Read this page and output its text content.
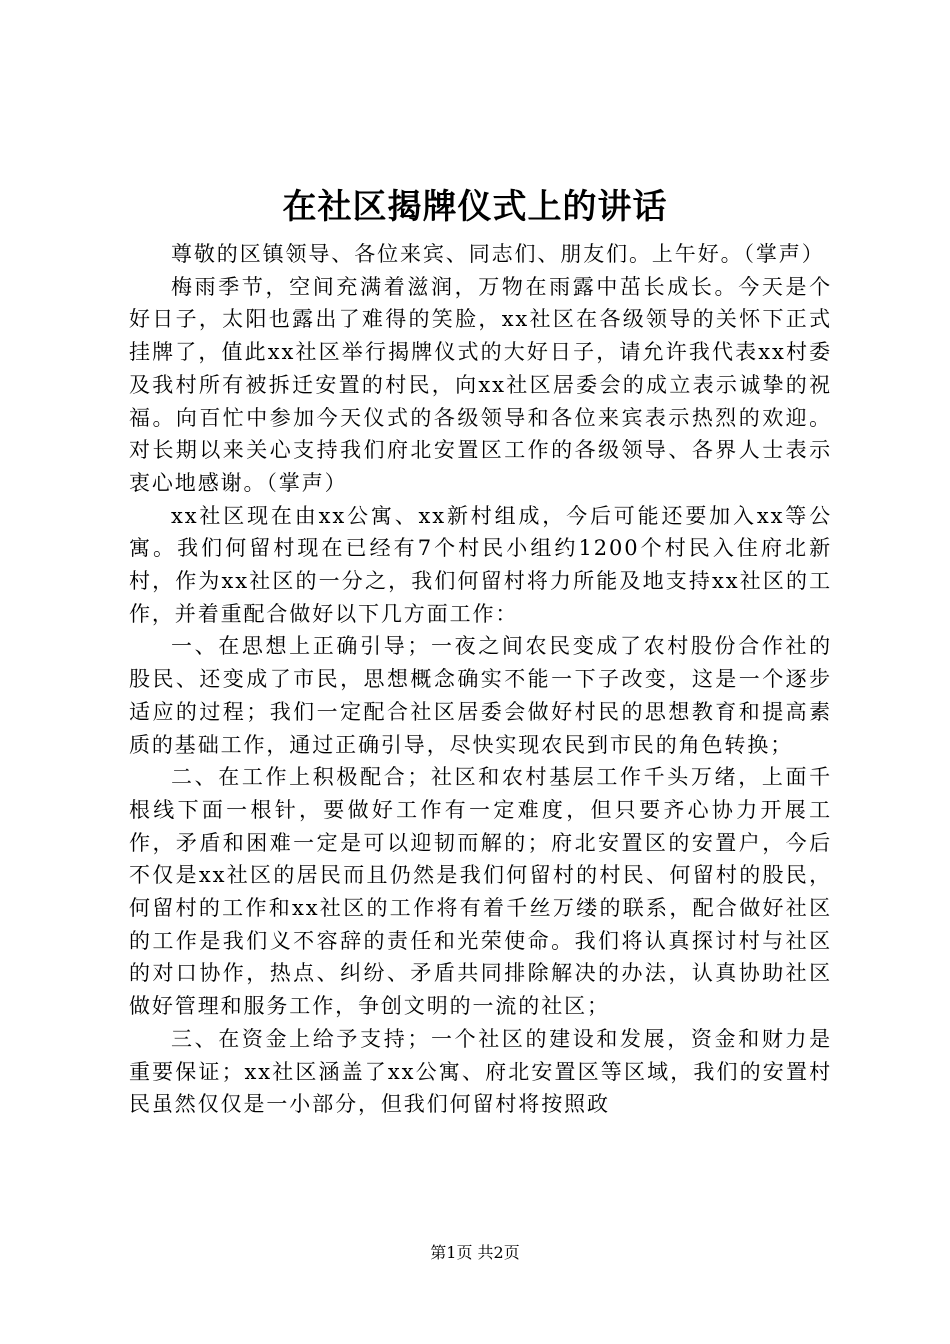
在社区揭牌仪式上的讲话

尊敬的区镇领导、各位来宾、同志们、朋友们。上午好。（掌声）

梅雨季节，空间充满着滋润，万物在雨露中茁长成长。今天是个好日子，太阳也露出了难得的笑脸，xx社区在各级领导的关怀下正式挂牌了，值此xx社区举行揭牌仪式的大好日子，请允许我代表xx村委及我村所有被拆迁安置的村民，向xx社区居委会的成立表示诚挚的祝福。向百忙中参加今天仪式的各级领导和各位来宾表示热烈的欢迎。对长期以来关心支持我们府北安置区工作的各级领导、各界人士表示衷心地感谢。（掌声）

xx社区现在由xx公寓、xx新村组成，今后可能还要加入xx等公寓。我们何留村现在已经有7个村民小组约1200个村民入住府北新村，作为xx社区的一分之，我们何留村将力所能及地支持xx社区的工作，并着重配合做好以下几方面工作：

一、在思想上正确引导；一夜之间农民变成了农村股份合作社的股民、还变成了市民，思想概念确实不能一下子改变，这是一个逐步适应的过程；我们一定配合社区居委会做好村民的思想教育和提高素质的基础工作，通过正确引导，尽快实现农民到市民的角色转换；

二、在工作上积极配合；社区和农村基层工作千头万绪，上面千根线下面一根针，要做好工作有一定难度，但只要齐心协力开展工作，矛盾和困难一定是可以迎韧而解的；府北安置区的安置户，今后不仅是xx社区的居民而且仍然是我们何留村的村民、何留村的股民，何留村的工作和xx社区的工作将有着千丝万缕的联系，配合做好社区的工作是我们义不容辞的责任和光荣使命。我们将认真探讨村与社区的对口协作，热点、纠纷、矛盾共同排除解决的办法，认真协助社区做好管理和服务工作，争创文明的一流的社区；

三、在资金上给予支持；一个社区的建设和发展，资金和财力是重要保证；xx社区涵盖了xx公寓、府北安置区等区域，我们的安置村民虽然仅仅是一小部分，但我们何留村将按照政

第1页 共2页
